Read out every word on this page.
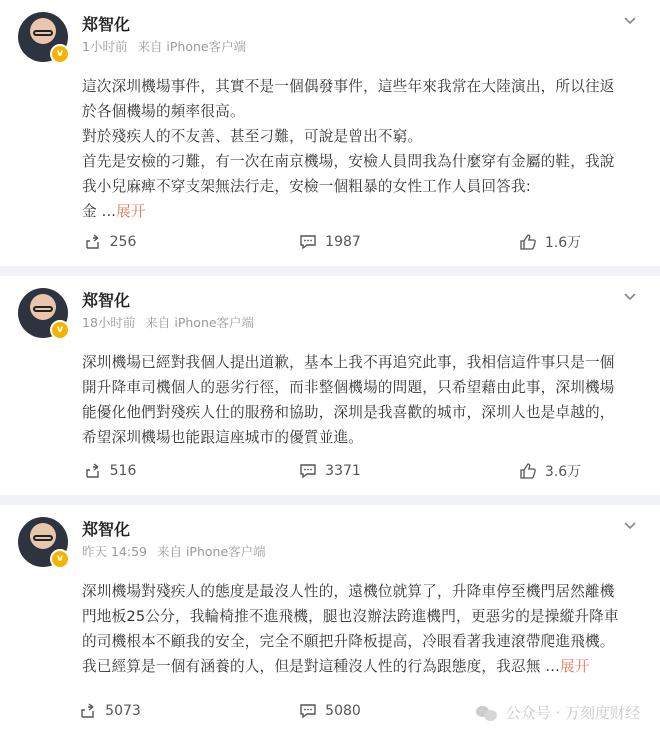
v
郑智化
1小时前 来自 iPhone客户端

這次深圳機場事件，其實不是一個偶發事件，這些年來我常在大陸演出，所以往返

於各個機場的頻率很高。

對於殘疾人的不友善、甚至刁難，可說是曾出不窮。

首先是安檢的刁難，有一次在南京機場，安檢人員問我為什麼穿有金屬的鞋，我說

我小兒麻痺不穿支架無法行走，安檢一個粗暴的女性工作人員回答我:

金 ...展开

256	1987	1.6万
v
郑智化
18小时前 来自 iPhone客户端

深圳機場已經對我個人提出道歉，基本上我不再追究此事，我相信這件事只是一個

開升降車司機個人的惡劣行徑，而非整個機場的問題，只希望藉由此事，深圳機場

能優化他們對殘疾人仕的服務和協助，深圳是我喜歡的城市，深圳人也是卓越的，

希望深圳機場也能跟這座城市的優質並進。

516	3371	3.6万
v
郑智化
昨天 14:59 来自 iPhone客户端

深圳機場對殘疾人的態度是最沒人性的，遠機位就算了，升降車停至機門居然離機

門地板25公分，我輪椅推不進飛機，腿也沒辦法跨進機門，更惡劣的是操縱升降車

的司機根本不顧我的安全，完全不願把升降板提高，冷眼看著我連滾帶爬進飛機。

我已經算是一個有涵養的人，但是對這種沒人性的行為跟態度，我忍無 ...展开

5073	5080	公众号 · 万刻度财经
